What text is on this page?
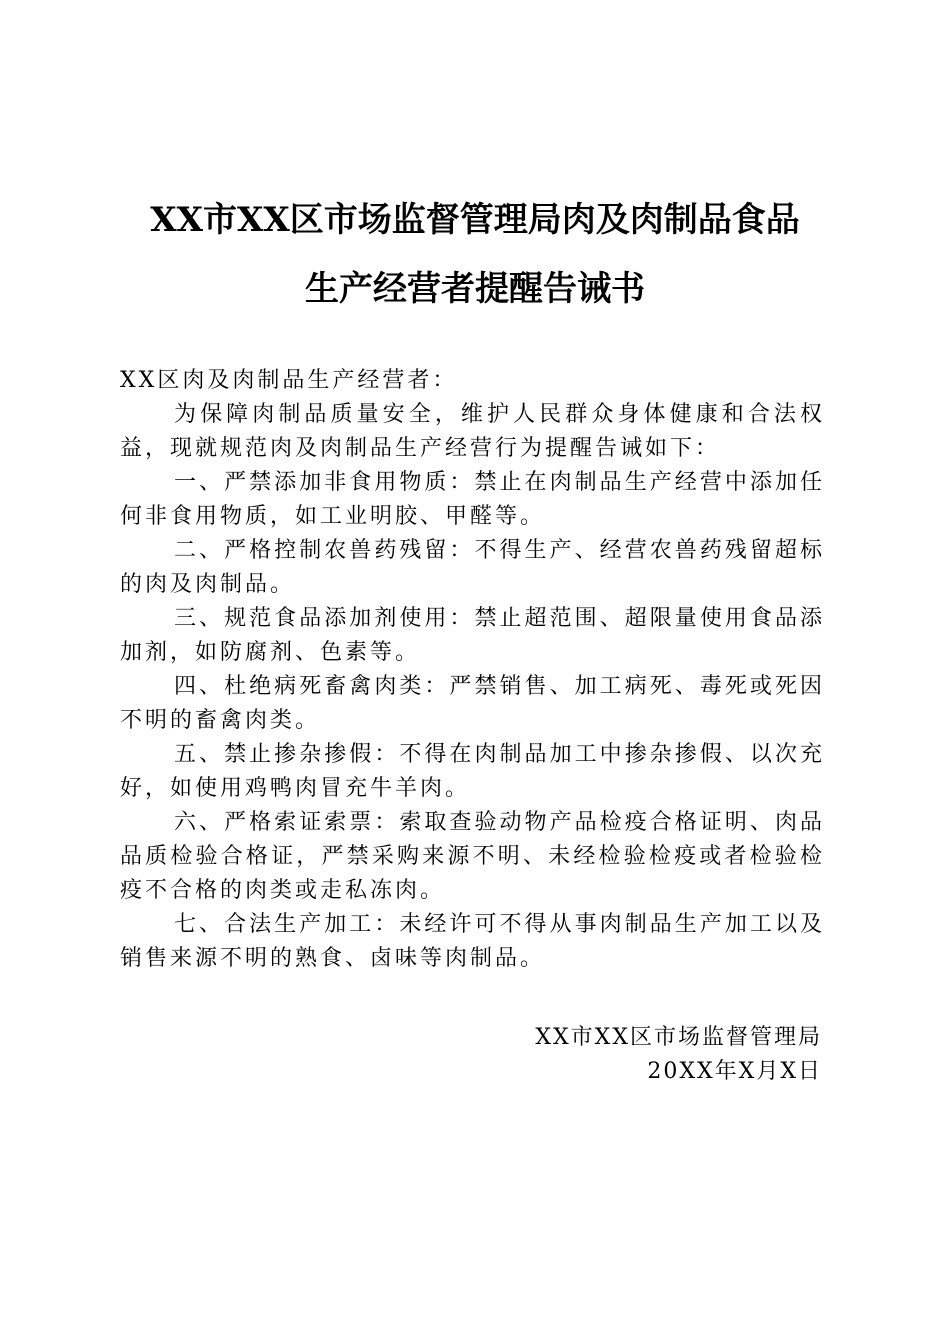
XX市XX区市场监督管理局肉及肉制品食品
生产经营者提醒告诫书
XX区肉及肉制品生产经营者：

为保障肉制品质量安全，维护人民群众身体健康和合法权益，现就规范肉及肉制品生产经营行为提醒告诫如下：

一、严禁添加非食用物质：禁止在肉制品生产经营中添加任何非食用物质，如工业明胶、甲醛等。

二、严格控制农兽药残留：不得生产、经营农兽药残留超标的肉及肉制品。

三、规范食品添加剂使用：禁止超范围、超限量使用食品添加剂，如防腐剂、色素等。

四、杜绝病死畜禽肉类：严禁销售、加工病死、毒死或死因不明的畜禽肉类。

五、禁止掺杂掺假：不得在肉制品加工中掺杂掺假、以次充好，如使用鸡鸭肉冒充牛羊肉。

六、严格索证索票：索取查验动物产品检疫合格证明、肉品品质检验合格证，严禁采购来源不明、未经检验检疫或者检验检疫不合格的肉类或走私冻肉。

七、合法生产加工：未经许可不得从事肉制品生产加工以及销售来源不明的熟食、卤味等肉制品。

XX市XX区市场监督管理局
20XX年X月X日
